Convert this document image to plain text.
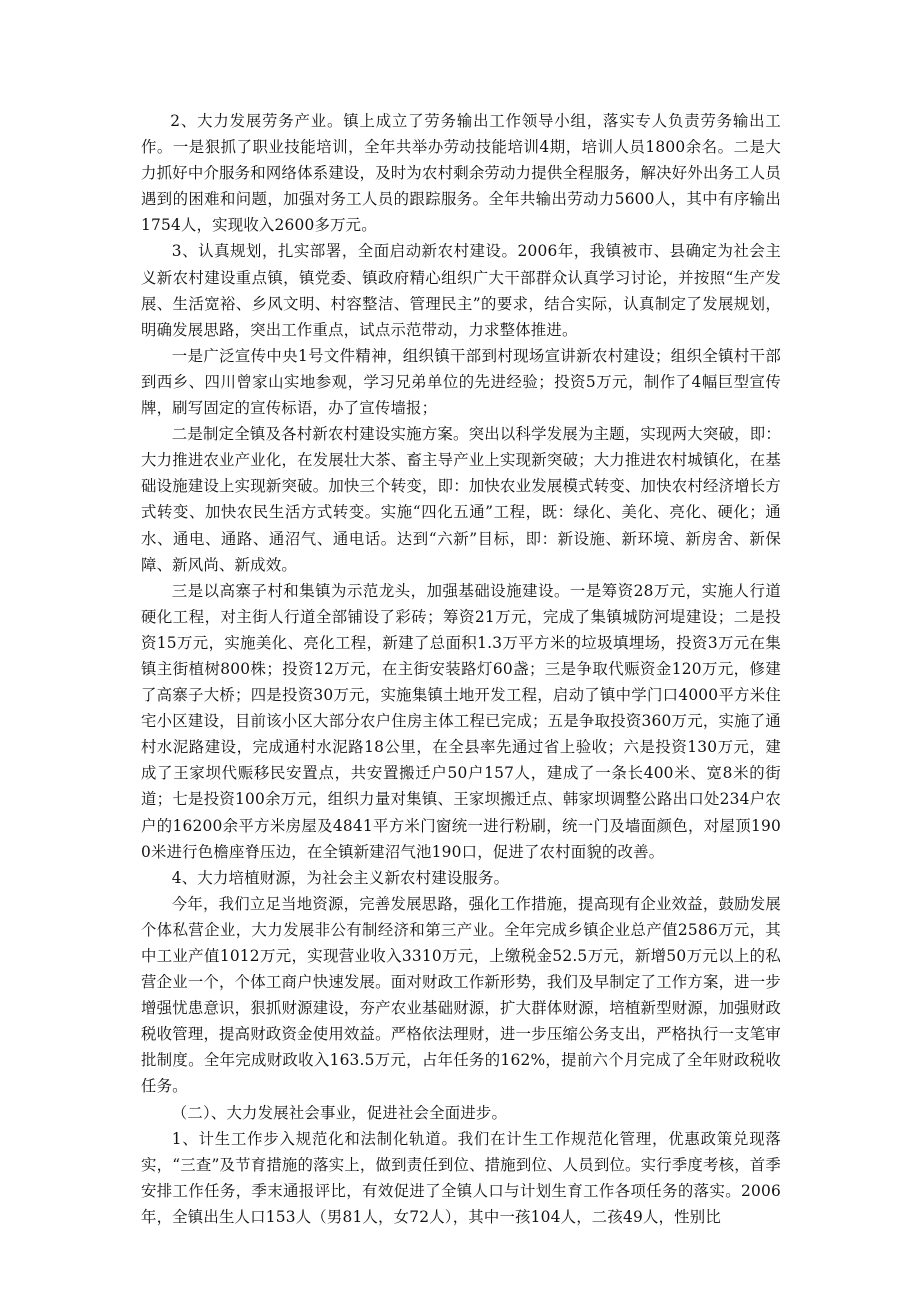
2、大力发展劳务产业。镇上成立了劳务输出工作领导小组，落实专人负责劳务输出工作。一是狠抓了职业技能培训，全年共举办劳动技能培训4期，培训人员1800余名。二是大力抓好中介服务和网络体系建设，及时为农村剩余劳动力提供全程服务，解决好外出务工人员遇到的困难和问题，加强对务工人员的跟踪服务。全年共输出劳动力5600人，其中有序输出1754人，实现收入2600多万元。

3、认真规划，扎实部署，全面启动新农村建设。2006年，我镇被市、县确定为社会主义新农村建设重点镇，镇党委、镇政府精心组织广大干部群众认真学习讨论，并按照“生产发展、生活宽裕、乡风文明、村容整洁、管理民主”的要求，结合实际，认真制定了发展规划，明确发展思路，突出工作重点，试点示范带动，力求整体推进。

一是广泛宣传中央1号文件精神，组织镇干部到村现场宣讲新农村建设；组织全镇村干部到西乡、四川曾家山实地参观，学习兄弟单位的先进经验；投资5万元，制作了4幅巨型宣传牌，刷写固定的宣传标语，办了宣传墙报；

二是制定全镇及各村新农村建设实施方案。突出以科学发展为主题，实现两大突破，即：大力推进农业产业化，在发展壮大茶、畜主导产业上实现新突破；大力推进农村城镇化，在基础设施建设上实现新突破。加快三个转变，即：加快农业发展模式转变、加快农村经济增长方式转变、加快农民生活方式转变。实施“四化五通”工程，既：绿化、美化、亮化、硬化；通水、通电、通路、通沼气、通电话。达到“六新”目标，即：新设施、新环境、新房舍、新保障、新风尚、新成效。

三是以高寨子村和集镇为示范龙头，加强基础设施建设。一是筹资28万元，实施人行道硬化工程，对主街人行道全部铺设了彩砖；筹资21万元，完成了集镇城防河堤建设；二是投资15万元，实施美化、亮化工程，新建了总面积1.3万平方米的垃圾填埋场，投资3万元在集镇主街植树800株；投资12万元，在主街安装路灯60盏；三是争取代赈资金120万元，修建了高寨子大桥；四是投资30万元，实施集镇土地开发工程，启动了镇中学门口4000平方米住宅小区建设，目前该小区大部分农户住房主体工程已完成；五是争取投资360万元，实施了通村水泥路建设，完成通村水泥路18公里，在全县率先通过省上验收；六是投资130万元，建成了王家坝代赈移民安置点，共安置搬迁户50户157人，建成了一条长400米、宽8米的街道；七是投资100余万元，组织力量对集镇、王家坝搬迁点、韩家坝调整公路出口处234户农户的16200余平方米房屋及4841平方米门窗统一进行粉刷，统一门及墙面颜色，对屋顶1900米进行色檐座脊压边，在全镇新建沼气池190口，促进了农村面貌的改善。

4、大力培植财源，为社会主义新农村建设服务。

今年，我们立足当地资源，完善发展思路，强化工作措施，提高现有企业效益，鼓励发展个体私营企业，大力发展非公有制经济和第三产业。全年完成乡镇企业总产值2586万元，其中工业产值1012万元，实现营业收入3310万元，上缴税金52.5万元，新增50万元以上的私营企业一个，个体工商户快速发展。面对财政工作新形势，我们及早制定了工作方案，进一步增强忧患意识，狠抓财源建设，夯产农业基础财源，扩大群体财源，培植新型财源，加强财政税收管理，提高财政资金使用效益。严格依法理财，进一步压缩公务支出，严格执行一支笔审批制度。全年完成财政收入163.5万元，占年任务的162%，提前六个月完成了全年财政税收任务。

（二）、大力发展社会事业，促进社会全面进步。

1、计生工作步入规范化和法制化轨道。我们在计生工作规范化管理，优惠政策兑现落实，“三查”及节育措施的落实上，做到责任到位、措施到位、人员到位。实行季度考核，首季安排工作任务，季末通报评比，有效促进了全镇人口与计划生育工作各项任务的落实。2006年，全镇出生人口153人（男81人，女72人），其中一孩104人，二孩49人，性别比
